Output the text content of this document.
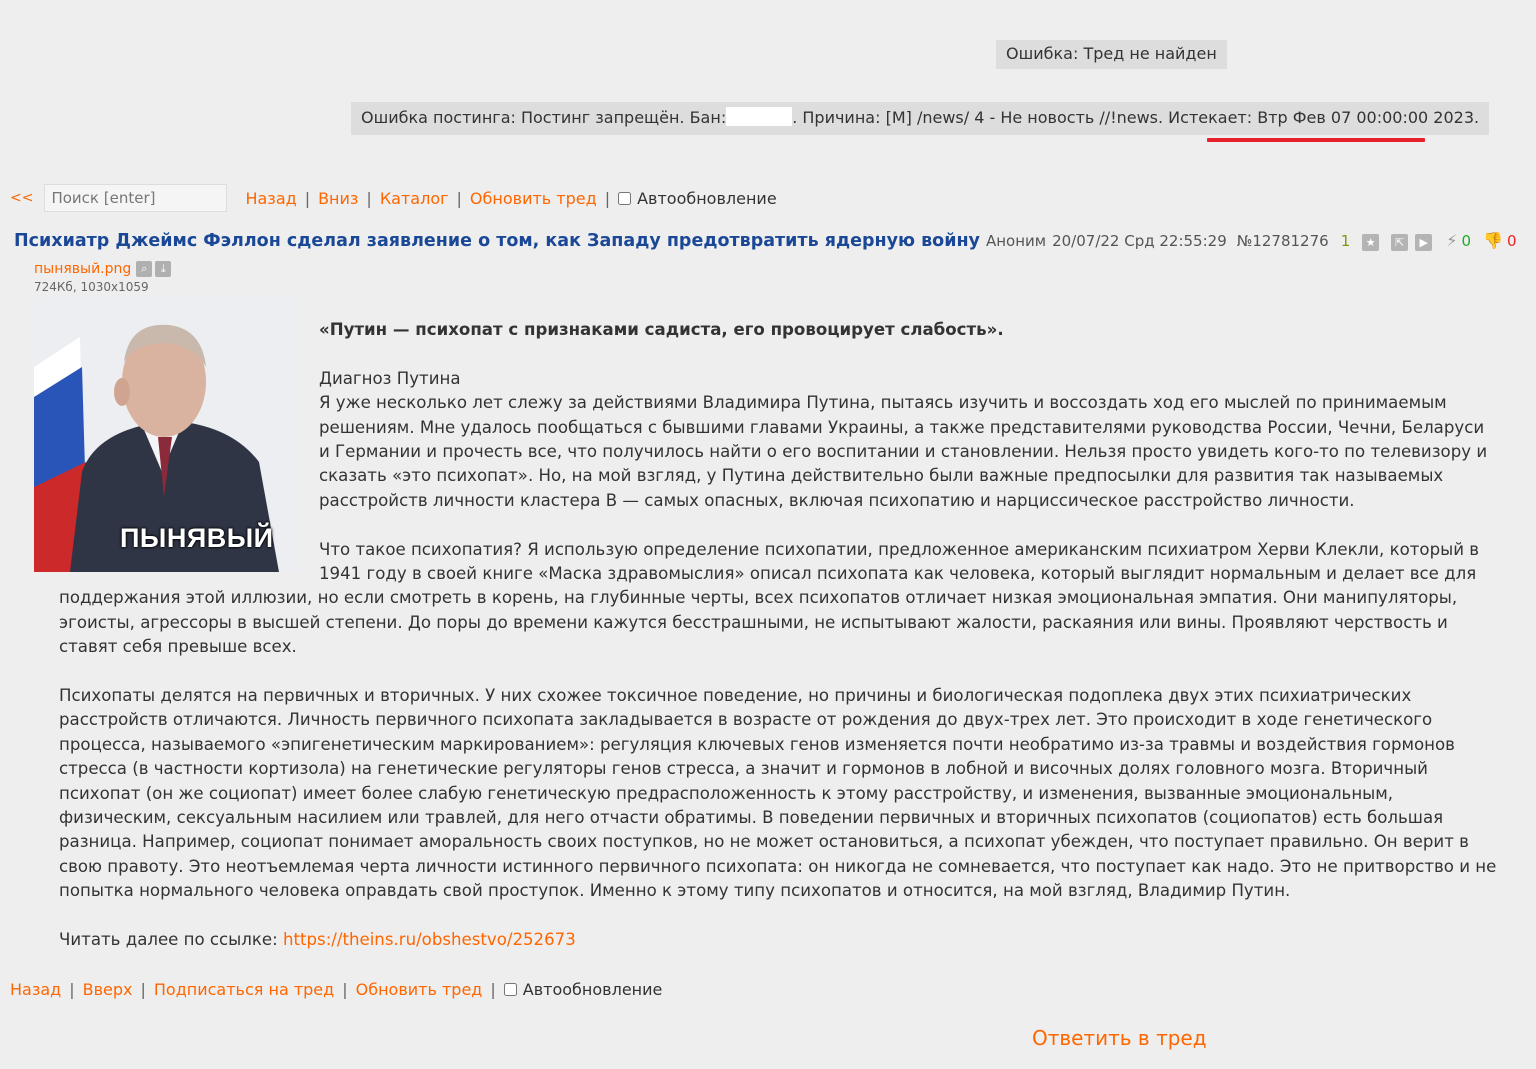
Ошибка: Тред не найден
Ошибка постинга: Постинг запрещён. Бан:	. Причина: [M] /news/ 4 - Не новость //!news. Истекает: Втр Фев 07 00:00:00 2023.
<<
Поиск [enter]	Назад | Вниз | Каталог | Обновить тред | Автообновление
Психиатр Джеймс Фэллон сделал заявление о том, как Западу предотвратить ядерную войну Аноним 20/07/22 Срд 22:55:29 №12781276 1	★	⇱	▶ ⚡ 0 👎 0
пынявый.png ⌕	⤓
724Кб, 1030x1059
ПЫНЯВЫЙ

«Путин — психопат с признаками садиста, его провоцирует слабость».

Диагноз Путина

Я уже несколько лет слежу за действиями Владимира Путина, пытаясь изучить и воссоздать ход его мыслей по принимаемым решениям. Мне удалось пообщаться с бывшими главами Украины, а также представителями руководства России, Чечни, Беларуси и Германии и прочесть все, что получилось найти о его воспитании и становлении. Нельзя просто увидеть кого-то по телевизору и сказать «это психопат». Но, на мой взгляд, у Путина действительно были важные предпосылки для развития так называемых расстройств личности кластера B — самых опасных, включая психопатию и нарциссическое расстройство личности.

Что такое психопатия? Я использую определение психопатии, предложенное американским психиатром Херви Клекли, который в 1941 году в своей книге «Маска здравомыслия» описал психопата как человека, который выглядит нормальным и делает все для поддержания этой иллюзии, но если смотреть в корень, на глубинные черты, всех психопатов отличает низкая эмоциональная эмпатия. Они манипуляторы, эгоисты, агрессоры в высшей степени. До поры до времени кажутся бесстрашными, не испытывают жалости, раскаяния или вины. Проявляют черствость и ставят себя превыше всех.

Психопаты делятся на первичных и вторичных. У них схожее токсичное поведение, но причины и биологическая подоплека двух этих психиатрических расстройств отличаются. Личность первичного психопата закладывается в возрасте от рождения до двух-трех лет. Это происходит в ходе генетического процесса, называемого «эпигенетическим маркированием»: регуляция ключевых генов изменяется почти необратимо из-за травмы и воздействия гормонов стресса (в частности кортизола) на генетические регуляторы генов стресса, а значит и гормонов в лобной и височных долях головного мозга. Вторичный психопат (он же социопат) имеет более слабую генетическую предрасположенность к этому расстройству, и изменения, вызванные эмоциональным, физическим, сексуальным насилием или травлей, для него отчасти обратимы. В поведении первичных и вторичных психопатов (социопатов) есть большая разница. Например, социопат понимает аморальность своих поступков, но не может остановиться, а психопат убежден, что поступает правильно. Он верит в свою правоту. Это неотъемлемая черта личности истинного первичного психопата: он никогда не сомневается, что поступает как надо. Это не притворство и не попытка нормального человека оправдать свой проступок. Именно к этому типу психопатов и относится, на мой взгляд, Владимир Путин.

Читать далее по ссылке: https://theins.ru/obshestvo/252673

Назад | Вверх | Подписаться на тред | Обновить тред | Автообновление
Ответить в тред
